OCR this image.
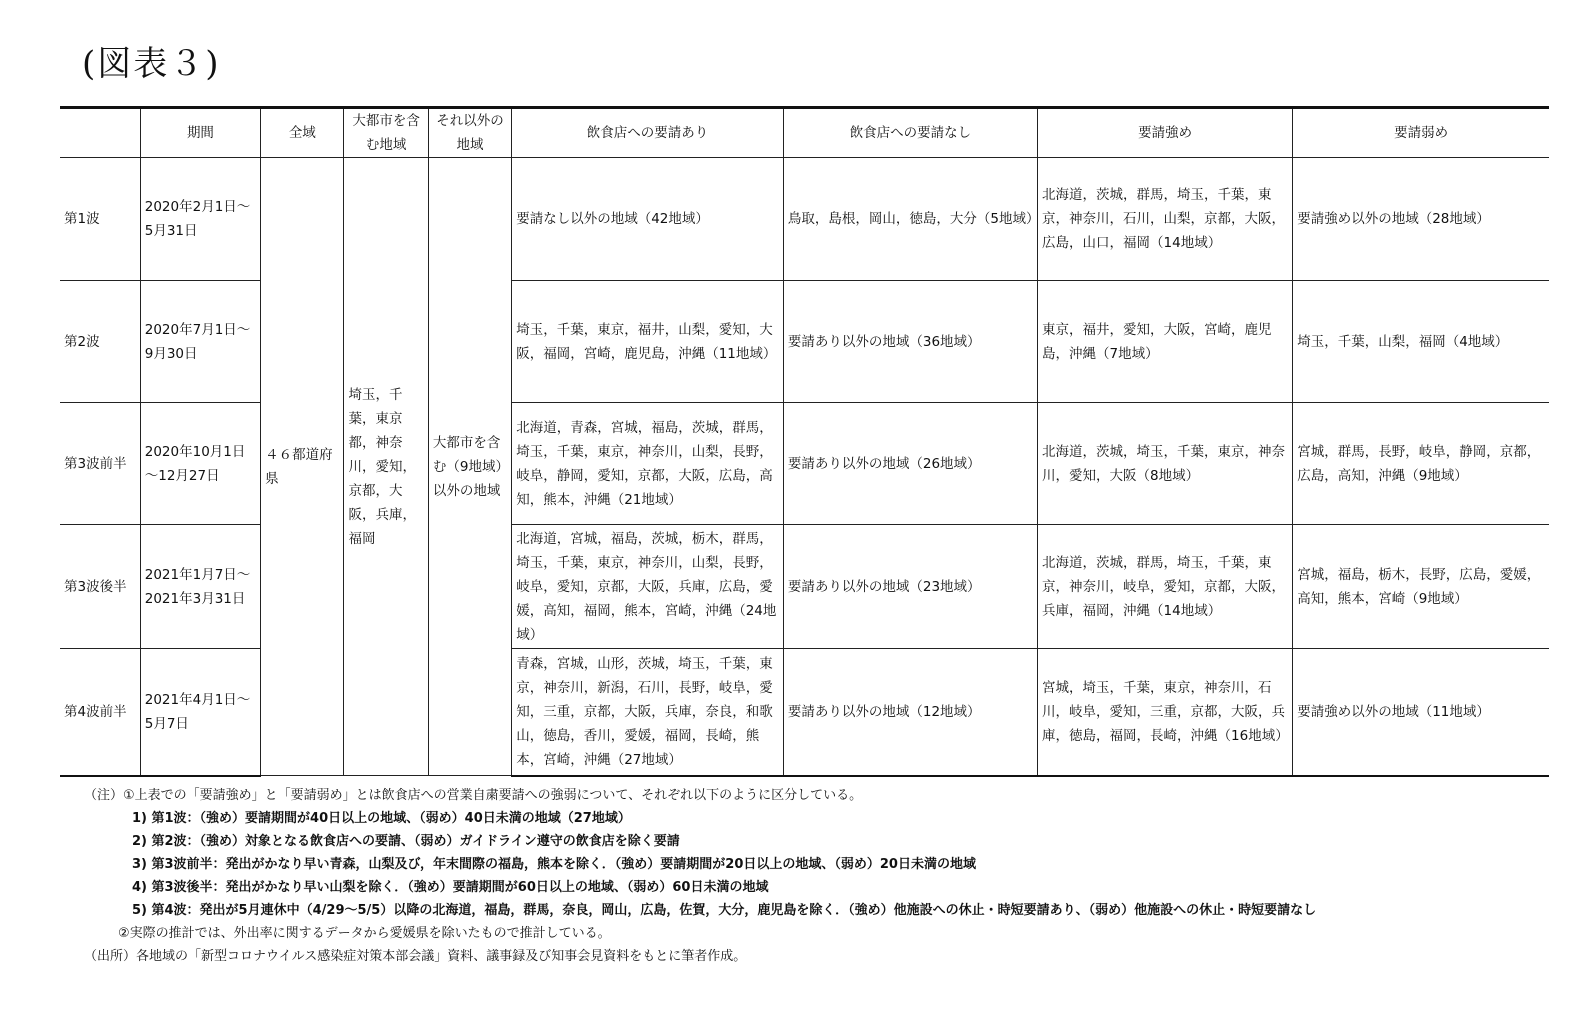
(図表３)
	期間	全域	大都市を含む地域	それ以外の地域	飲食店への要請あり	飲食店への要請なし	要請強め	要請弱め
第1波	2020年2月1日～5月31日	４６都道府県	埼玉，千葉，東京都，神奈川，愛知，京都，大阪，兵庫，福岡	大都市を含む（9地域）以外の地域	要請なし以外の地域（42地域）	鳥取，島根，岡山，徳島，大分（5地域）	北海道，茨城，群馬，埼玉，千葉，東京，神奈川，石川，山梨，京都，大阪，広島，山口，福岡（14地域）	要請強め以外の地域（28地域）
第2波	2020年7月1日～9月30日				埼玉，千葉，東京，福井，山梨，愛知，大阪，福岡，宮崎，鹿児島，沖縄（11地域）	要請あり以外の地域（36地域）	東京，福井，愛知，大阪，宮崎，鹿児島，沖縄（7地域）	埼玉，千葉，山梨，福岡（4地域）
第3波前半	2020年10月1日～12月27日				北海道，青森，宮城，福島，茨城，群馬，埼玉，千葉，東京，神奈川，山梨，長野，岐阜，静岡，愛知，京都，大阪，広島，高知，熊本，沖縄（21地域）	要請あり以外の地域（26地域）	北海道，茨城，埼玉，千葉，東京，神奈川，愛知，大阪（8地域）	宮城，群馬，長野，岐阜，静岡，京都，広島，高知，沖縄（9地域）
第3波後半	2021年1月7日～2021年3月31日				北海道，宮城，福島，茨城，栃木，群馬，埼玉，千葉，東京，神奈川，山梨，長野，岐阜，愛知，京都，大阪，兵庫，広島，愛媛，高知，福岡，熊本，宮崎，沖縄（24地域）	要請あり以外の地域（23地域）	北海道，茨城，群馬，埼玉，千葉，東京，神奈川，岐阜，愛知，京都，大阪，兵庫，福岡，沖縄（14地域）	宮城，福島，栃木，長野，広島，愛媛，高知，熊本，宮崎（9地域）
第4波前半	2021年4月1日～5月7日				青森，宮城，山形，茨城，埼玉，千葉，東京，神奈川，新潟，石川，長野，岐阜，愛知，三重，京都，大阪，兵庫，奈良，和歌山，徳島，香川，愛媛，福岡，長崎，熊本，宮崎，沖縄（27地域）	要請あり以外の地域（12地域）	宮城，埼玉，千葉，東京，神奈川，石川，岐阜，愛知，三重，京都，大阪，兵庫，徳島，福岡，長崎，沖縄（16地域）	要請強め以外の地域（11地域）
（注）①上表での「要請強め」と「要請弱め」とは飲食店への営業自粛要請への強弱について、それぞれ以下のように区分している。
1) 第1波：（強め）要請期間が40日以上の地域、（弱め）40日未満の地域（27地域）
2) 第2波：（強め）対象となる飲食店への要請、（弱め）ガイドライン遵守の飲食店を除く要請
3) 第3波前半：発出がかなり早い青森，山梨及び，年末間際の福島，熊本を除く．（強め）要請期間が20日以上の地域、（弱め）20日未満の地域
4) 第3波後半：発出がかなり早い山梨を除く．（強め）要請期間が60日以上の地域、（弱め）60日未満の地域
5) 第4波：発出が5月連休中（4/29～5/5）以降の北海道，福島，群馬，奈良，岡山，広島，佐賀，大分，鹿児島を除く．（強め）他施設への休止・時短要請あり、（弱め）他施設への休止・時短要請なし
②実際の推計では、外出率に関するデータから愛媛県を除いたもので推計している。
（出所）各地域の「新型コロナウイルス感染症対策本部会議」資料、議事録及び知事会見資料をもとに筆者作成。
